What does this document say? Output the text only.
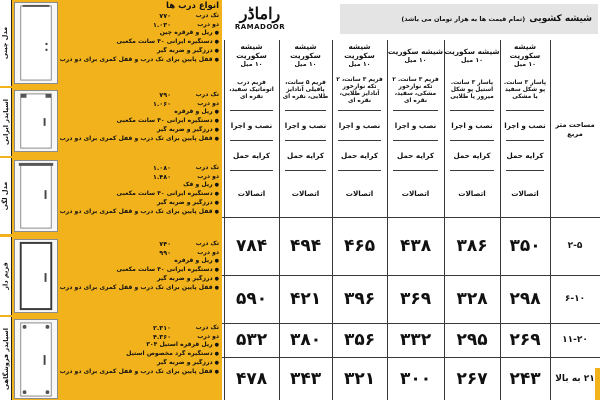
مدل چینی
انواع درب ها
تک درب
۷۷۰
دو درب
۱.۰۳۰
● ریل و قرقره چین
● دستگیره ایرانی ۴۰ سانت مکعبی
● درزگیر و ضربه گیر
● قفل پایین برای تک درب و قفل کمری برای دو درب
اسپایدر ایرانی
تک درب
۷۹۰
دو درب
۱.۰۶۰
● ریل و قرقره
● دستگیره ایرانی ۴۰ سانت مکعبی
● درزگیر و ضربه گیر
● قفل پایین برای تک درب و قفل کمری برای دو درب
مدل لگی
تک درب
۱.۰۸۰
دو درب
۱.۴۸۰
● ریل و فک
● دستگیره ایرانی ۴۰ سانت مکعبی
● درزگیر و ضربه گیر
● قفل پایین برای تک درب و قفل کمری برای دو درب
فریم دار
تک درب
۷۴۰
دو درب
۹۹۰
● ریل و قرقره
● دستگیره ایرانی ۴۰ سانت مکعبی
● درزگیر و ضربه گیر
● قفل پایین برای تک درب و قفل کمری برای دو درب
اسپایدر فروشگاهی
تک درب
۲.۳۱۰
دو درب
۴.۳۶۰
● ریل قرقره استیل ۳۰۴
● دستگیره گرد مخصوص استیل
● درزگیر و ضربه گیر
● قفل پایین برای تک درب و قفل کمری برای دو درب
راماڈر
RAMADOOR
شیشه کشویی
(تمام قیمت ها به هزار تومان می باشد)
شیشه سکوریت
۱۰ میل
پاسار ۳ سانت. پو شکل سفید یا مشکی
نصب و اجرا
کرایه حمل
اتصالات
۳۵۰
۲۹۸
۲۶۹
۲۴۳
شیشه سکوریت
۱۰ میل
پاسار ۳ سانت. استیل پو شکل میرور یا طلایی
نصب و اجرا
کرایه حمل
اتصالات
۳۸۶
۳۲۸
۲۹۵
۲۶۷
شیشه سکوریت
۱۰ میل
فریم ۳ سانت. ۲ تکه نوارخور مشکی، سفید، نقره ای
نصب و اجرا
کرایه حمل
اتصالات
۴۳۸
۳۶۹
۳۳۲
۳۰۰
شیشه سکوریت
۱۰ میل
فریم ۳ سانت، ۲ تکه نوارخور آنادایز طلایی، نقره ای
نصب و اجرا
کرایه حمل
اتصالات
۴۶۵
۳۹۶
۳۵۶
۳۲۱
شیشه سکوریت
۱۰ میل
فریم ۵ سانت، پافیلی آنادایز طلایی، نقره ای
نصب و اجرا
کرایه حمل
اتصالات
۴۹۴
۴۲۱
۳۸۰
۳۴۳
شیشه سکوریت
۱۰ میل
فریم درب اتوماتیک سفید، نقره ای
نصب و اجرا
کرایه حمل
اتصالات
۷۸۴
۵۹۰
۵۳۲
۴۷۸
مساحت متر مربع
۲-۵
۶-۱۰
۱۱-۲۰
۲۱ به بالا
